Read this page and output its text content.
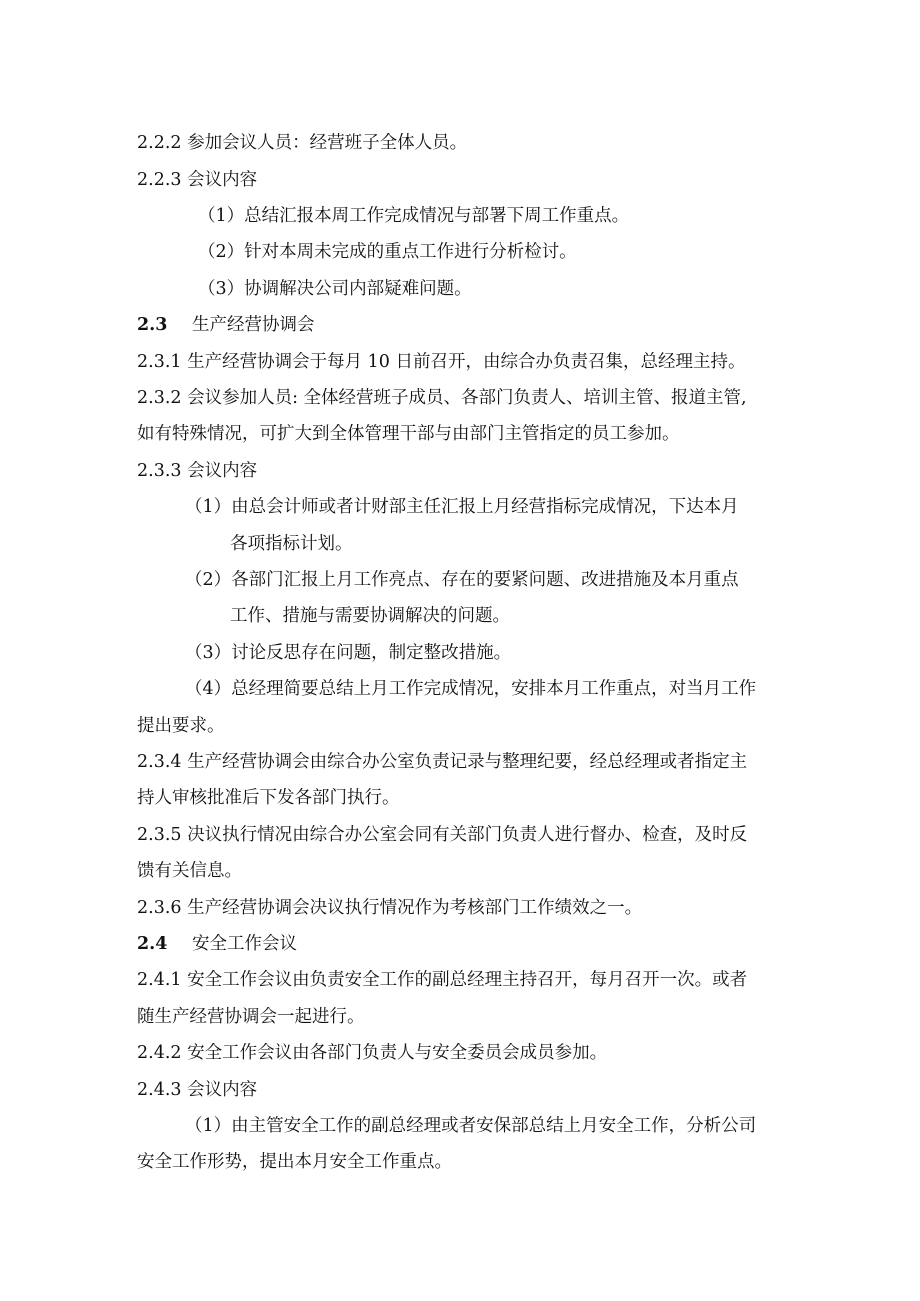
2.2.2 参加会议人员：经营班子全体人员。
2.2.3 会议内容
（1）总结汇报本周工作完成情况与部署下周工作重点。
（2）针对本周未完成的重点工作进行分析检讨。
（3）协调解决公司内部疑难问题。
2.3 生产经营协调会
2.3.1 生产经营协调会于每月 10 日前召开，由综合办负责召集，总经理主持。
2.3.2 会议参加人员: 全体经营班子成员、各部门负责人、培训主管、报道主管,
如有特殊情况，可扩大到全体管理干部与由部门主管指定的员工参加。
2.3.3 会议内容
（1）由总会计师或者计财部主任汇报上月经营指标完成情况，下达本月
各项指标计划。
（2）各部门汇报上月工作亮点、存在的要紧问题、改进措施及本月重点
工作、措施与需要协调解决的问题。
（3）讨论反思存在问题，制定整改措施。
（4）总经理简要总结上月工作完成情况，安排本月工作重点，对当月工作
提出要求。
2.3.4 生产经营协调会由综合办公室负责记录与整理纪要，经总经理或者指定主
持人审核批准后下发各部门执行。
2.3.5 决议执行情况由综合办公室会同有关部门负责人进行督办、检查，及时反
馈有关信息。
2.3.6 生产经营协调会决议执行情况作为考核部门工作绩效之一。
2.4 安全工作会议
2.4.1 安全工作会议由负责安全工作的副总经理主持召开，每月召开一次。或者
随生产经营协调会一起进行。
2.4.2 安全工作会议由各部门负责人与安全委员会成员参加。
2.4.3 会议内容
（1）由主管安全工作的副总经理或者安保部总结上月安全工作，分析公司
安全工作形势，提出本月安全工作重点。
